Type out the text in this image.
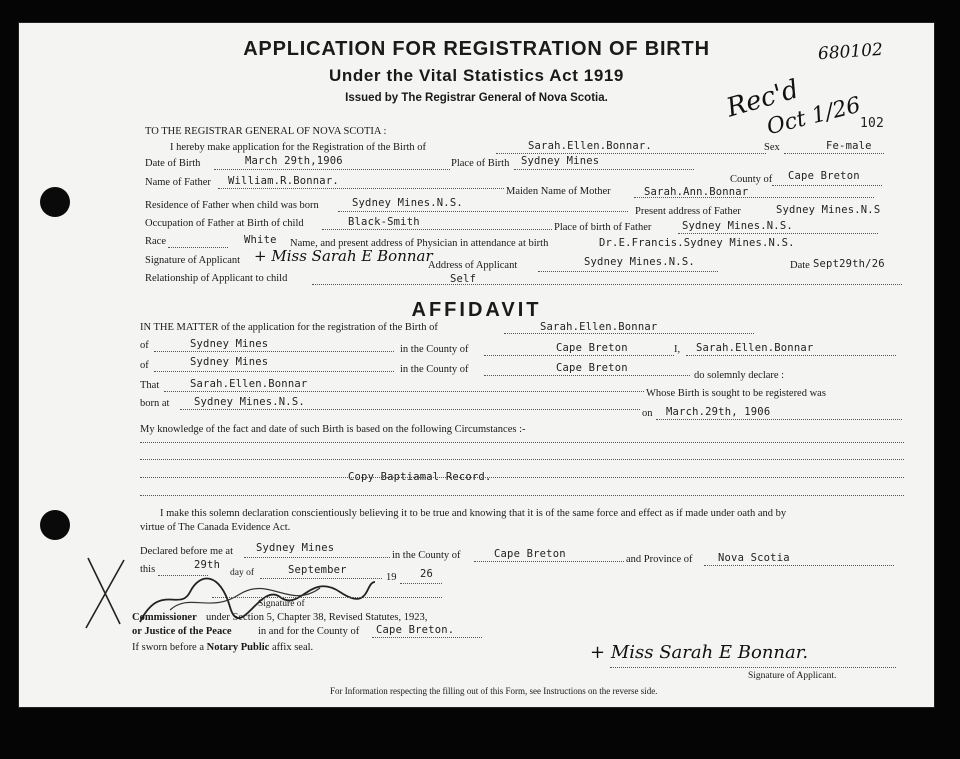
APPLICATION FOR REGISTRATION OF BIRTH
Under the Vital Statistics Act 1919
Issued by The Registrar General of Nova Scotia.
680102
Rec'd
Oct 1/26
102
TO THE REGISTRAR GENERAL OF NOVA SCOTIA :
I hereby make application for the Registration of the Birth of	Sarah.Ellen.Bonnar.	Sex	Fe-male
Date of Birth	March 29th,1906	Place of Birth Sydney Mines
County of Cape Breton
Name of Father William.R.Bonnar.
Maiden Name of Mother	Sarah.Ann.Bonnar
Residence of Father when child was born	Sydney Mines.N.S.
Present address of Father	Sydney Mines.N.S
Occupation of Father at Birth of child	Black-Smith	Place of birth of Father	Sydney Mines.N.S.
Race	White Name, and present address of Physician in attendance at birth	Dr.E.Francis.Sydney Mines.N.S.
Signature of Applicant + Miss Sarah E Bonnar
Address of Applicant	Sydney Mines.N.S.	Date Sept29th/26
Relationship of Applicant to child	Self
AFFIDAVIT
IN THE MATTER of the application for the registration of the Birth of	Sarah.Ellen.Bonnar
of	Sydney Mines	in the County of	Cape Breton	I, Sarah.Ellen.Bonnar
of	Sydney Mines
in the County of	Cape Breton
do solemnly declare :
That	Sarah.Ellen.Bonnar
Whose Birth is sought to be registered was
born at Sydney Mines.N.S.
on March.29th, 1906
My knowledge of the fact and date of such Birth is based on the following Circumstances :-
Copy Baptiamal Record.
I make this solemn declaration conscientiously believing it to be true and knowing that it is of the same force and effect as if made under oath and by
virtue of The Canada Evidence Act.
Declared before me at Sydney Mines
in the County of	Cape Breton	and Province of Nova Scotia
this	29th
day of	September
19 26
Signature of
Commissioner under Section 5, Chapter 38, Revised Statutes, 1923,
or Justice of the Peace	in and for the County of Cape Breton.
If sworn before a Notary Public affix seal.	+ Miss Sarah E Bonnar.
Signature of Applicant.
For Information respecting the filling out of this Form, see Instructions on the reverse side.
